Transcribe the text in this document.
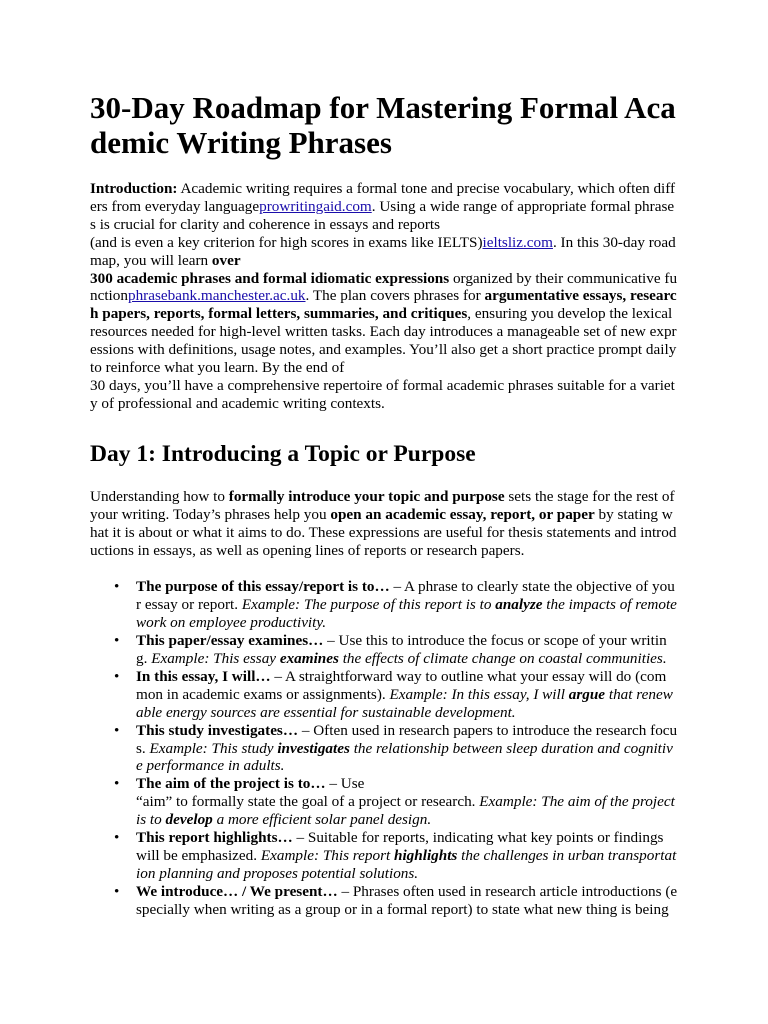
30-Day Roadmap for Mastering Formal Academic Writing Phrases

Introduction: Academic writing requires a formal tone and precise vocabulary, which often differs from everyday languageprowritingaid.com. Using a wide range of appropriate formal phrases is crucial for clarity and coherence in essays and reports
(and is even a key criterion for high scores in exams like IELTS)ieltsliz.com. In this 30-day roadmap, you will learn over
300 academic phrases and formal idiomatic expressions organized by their communicative functionphrasebank.manchester.ac.uk. The plan covers phrases for argumentative essays, research papers, reports, formal letters, summaries, and critiques, ensuring you develop the lexical resources needed for high-level written tasks. Each day introduces a manageable set of new expressions with definitions, usage notes, and examples. You’ll also get a short practice prompt daily to reinforce what you learn. By the end of
30 days, you’ll have a comprehensive repertoire of formal academic phrases suitable for a variety of professional and academic writing contexts.

Day 1: Introducing a Topic or Purpose

Understanding how to formally introduce your topic and purpose sets the stage for the rest of your writing. Today’s phrases help you open an academic essay, report, or paper by stating what it is about or what it aims to do. These expressions are useful for thesis statements and introductions in essays, as well as opening lines of reports or research papers.

• The purpose of this essay/report is to… – A phrase to clearly state the objective of your essay or report. Example: The purpose of this report is to analyze the impacts of remote work on employee productivity.
• This paper/essay examines… – Use this to introduce the focus or scope of your writing. Example: This essay examines the effects of climate change on coastal communities.
• In this essay, I will… – A straightforward way to outline what your essay will do (common in academic exams or assignments). Example: In this essay, I will argue that renewable energy sources are essential for sustainable development.
• This study investigates… – Often used in research papers to introduce the research focus. Example: This study investigates the relationship between sleep duration and cognitive performance in adults.
• The aim of the project is to… – Use
“aim” to formally state the goal of a project or research. Example: The aim of the project is to develop a more efficient solar panel design.
• This report highlights… – Suitable for reports, indicating what key points or findings will be emphasized. Example: This report highlights the challenges in urban transportation planning and proposes potential solutions.
• We introduce… / We present… – Phrases often used in research article introductions (especially when writing as a group or in a formal report) to state what new thing is being
